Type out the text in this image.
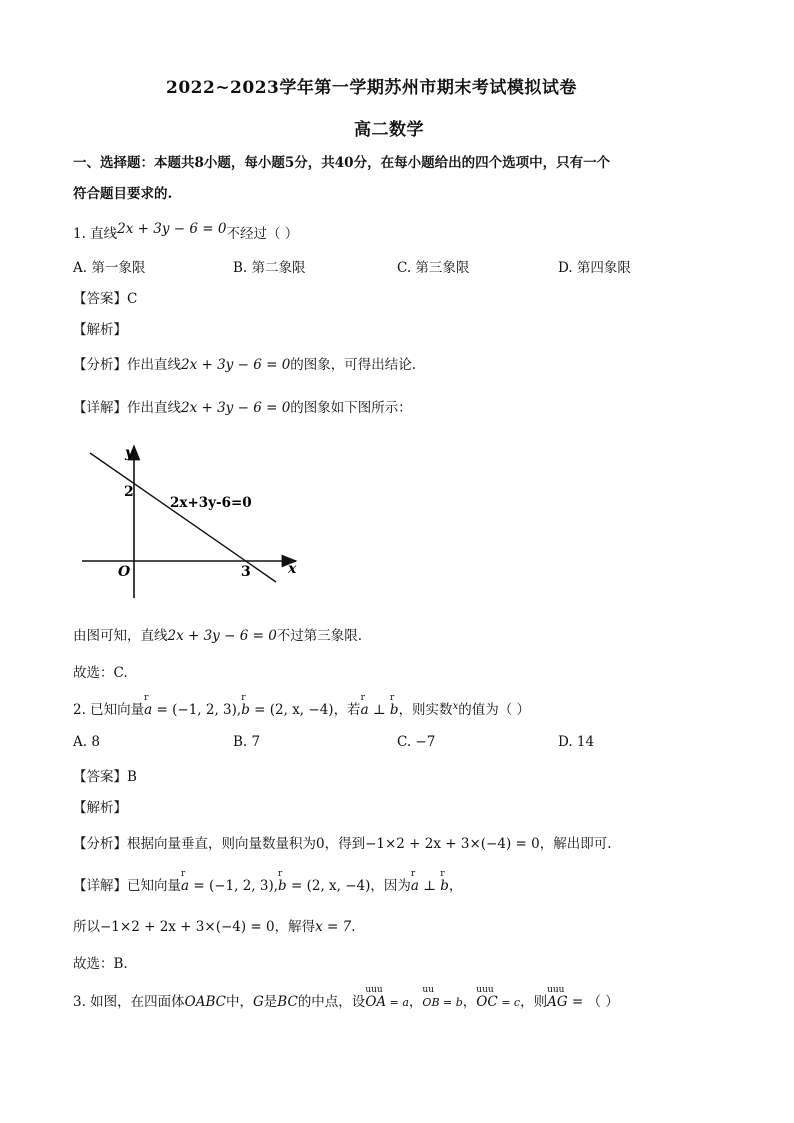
2022~2023学年第一学期苏州市期末考试模拟试卷
高二数学
一、选择题：本题共8小题，每小题5分，共40分，在每小题给出的四个选项中，只有一个
符合题目要求的.
1. 直线2x + 3y − 6 = 0不经过（ ）
A. 第一象限	B. 第二象限	C. 第三象限	D. 第四象限
【答案】C
【解析】
【分析】作出直线2x + 3y − 6 = 0的图象，可得出结论.
【详解】作出直线2x + 3y − 6 = 0的图象如下图所示：
y
x
O
2
3
2x+3y-6=0
由图可知，直线2x + 3y − 6 = 0不过第三象限.
故选：C.
2. 已知向量
r
a = (−1, 2, 3),
r
b = (2, x, −4)，若
r
a ⊥
r
b，则实数$^x$的值为（ ）
A. 8	B. 7	C. −7	D. 14
【答案】B
【解析】
【分析】根据向量垂直，则向量数量积为0，得到−1×2 + 2x + 3×(−4) = 0，解出即可.
【详解】已知向量
r
a = (−1, 2, 3),
r
b = (2, x, −4)，因为
r
a ⊥
r
b，
所以−1×2 + 2x + 3×(−4) = 0，解得x = 7.
故选：B.
3. 如图，在四面体OABC中，G是BC的中点，设
uuu
OA = a，
uu
OB = b，
uuu
OC = c，则
uuu
AG = （ ）
